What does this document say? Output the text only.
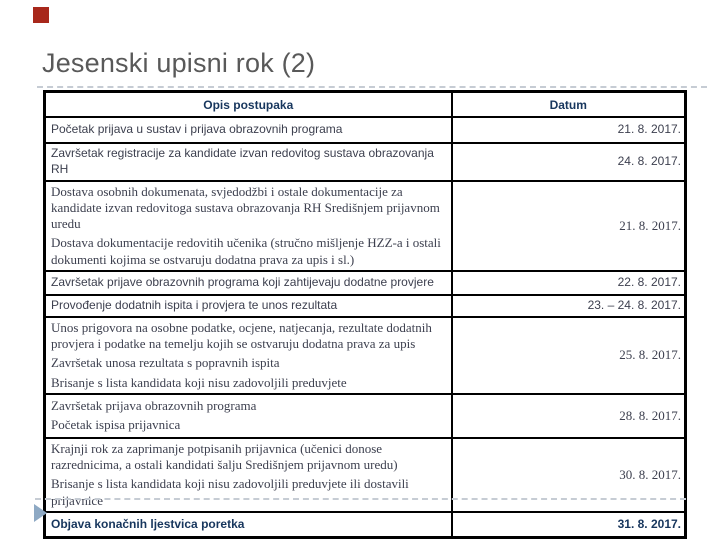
Jesenski upisni rok (2)
Opis postupaka	Datum

Početak prijava u sustav i prijava obrazovnih programa	21. 8. 2017.

Završetak registracije za kandidate izvan redovitog sustava obrazovanja RH	24. 8. 2017.

Dostava osobnih dokumenata, svjedodžbi i ostale dokumentacije za kandidate izvan redovitoga sustava obrazovanja RH Središnjem prijavnom uredu
Dostava dokumentacije redovitih učenika (stručno mišljenje HZZ-a i ostali dokumenti kojima se ostvaruju dodatna prava za upis i sl.)	21. 8. 2017.

Završetak prijave obrazovnih programa koji zahtijevaju dodatne provjere	22. 8. 2017.

Provođenje dodatnih ispita i provjera te unos rezultata	23. – 24. 8. 2017.

Unos prigovora na osobne podatke, ocjene, natjecanja, rezultate dodatnih provjera i podatke na temelju kojih se ostvaruju dodatna prava za upis
Završetak unosa rezultata s popravnih ispita
Brisanje s lista kandidata koji nisu zadovoljili preduvjete	25. 8. 2017.

Završetak prijava obrazovnih programa
Početak ispisa prijavnica	28. 8. 2017.

Krajnji rok za zaprimanje potpisanih prijavnica (učenici donose razrednicima, a ostali kandidati šalju Središnjem prijavnom uredu)
Brisanje s lista kandidata koji nisu zadovoljili preduvjete ili dostavili prijavnice	30. 8. 2017.

Objava konačnih ljestvica poretka	31. 8. 2017.
